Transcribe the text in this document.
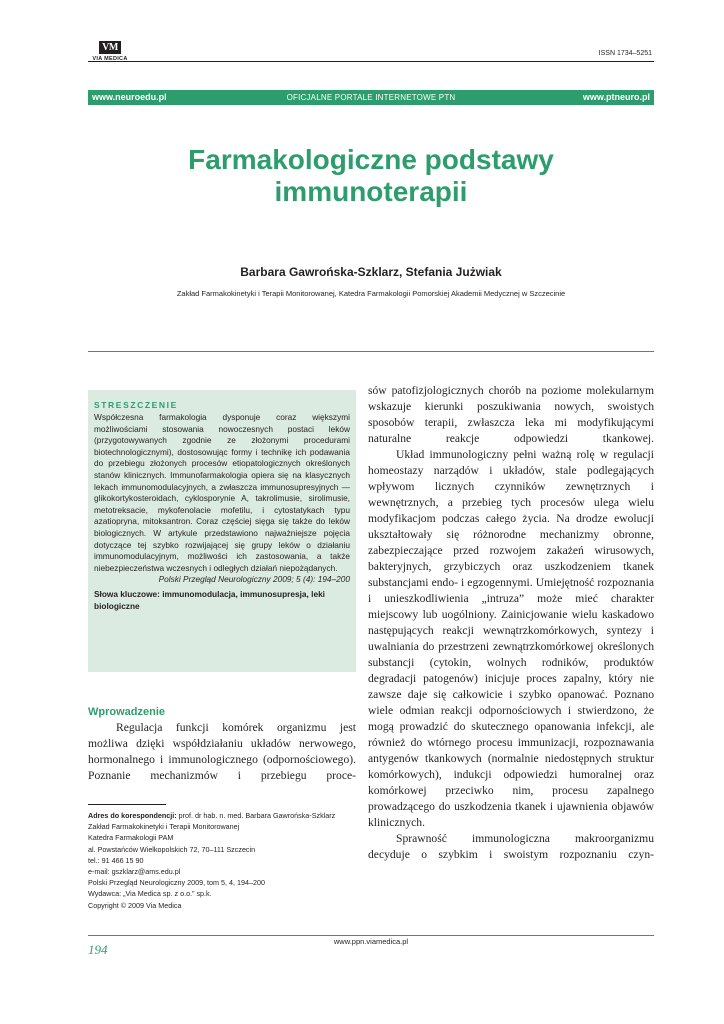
VM
VIA MEDICA
ISSN 1734–5251
www.neuroedu.pl	OFICJALNE PORTALE INTERNETOWE PTN	www.ptneuro.pl
Farmakologiczne podstawy
immunoterapii
Barbara Gawrońska-Szklarz, Stefania Jużwiak
Zakład Farmakokinetyki i Terapii Monitorowanej, Katedra Farmakologii Pomorskiej Akademii Medycznej w Szczecinie
STRESZCZENIE
Współczesna farmakologia dysponuje coraz większymi możliwościami stosowania nowoczesnych postaci leków (przygotowywanych zgodnie ze złożonymi procedurami biotechnologicznymi), dostosowując formy i technikę ich podawania do przebiegu złożonych procesów etiopatologicznych określonych stanów klinicznych. Immunofarmakologia opiera się na klasycznych lekach immunomodulacyjnych, a zwłaszcza immunosupresyjnych — glikokortykosteroidach, cyklosporynie A, takrolimusie, sirolimusie, metotreksacie, mykofenolacie mofetilu, i cytostatykach typu azatiopryna, mitoksantron. Coraz częściej sięga się także do leków biologicznych. W artykule przedstawiono najważniejsze pojęcia dotyczące tej szybko rozwijającej się grupy leków o działaniu immunomodulacyjnym, możliwości ich zastosowania, a także niebezpieczeństwa wczesnych i odległych działań niepożądanych.
Polski Przegląd Neurologiczny 2009; 5 (4): 194–200
Słowa kluczowe: immunomodulacja, immunosupresja, leki biologiczne
Wprowadzenie
Regulacja funkcji komórek organizmu jest możliwa dzięki współdziałaniu układów nerwowego, hormonalnego i immunologicznego (odpornościowego). Poznanie mechanizmów i przebiegu proce-
Adres do korespondencji: prof. dr hab. n. med. Barbara Gawrońska-Szklarz
Zakład Farmakokinetyki i Terapii Monitorowanej
Katedra Farmakologii PAM
al. Powstańców Wielkopolskich 72, 70–111 Szczecin
tel.: 91 466 15 90
e-mail: gszklarz@ams.edu.pl
Polski Przegląd Neurologiczny 2009, tom 5, 4, 194–200
Wydawca: „Via Medica sp. z o.o.” sp.k.
Copyright © 2009 Via Medica

sów patofizjologicznych chorób na poziome molekularnym wskazuje kierunki poszukiwania nowych, swoistych sposobów terapii, zwłaszcza leka mi modyfikującymi naturalne reakcje odpowiedzi tkankowej.

Układ immunologiczny pełni ważną rolę w regulacji homeostazy narządów i układów, stale podlegających wpływom licznych czynników zewnętrznych i wewnętrznych, a przebieg tych procesów ulega wielu modyfikacjom podczas całego życia. Na drodze ewolucji ukształtowały się różnorodne mechanizmy obronne, zabezpieczające przed rozwojem zakażeń wirusowych, bakteryjnych, grzybiczych oraz uszkodzeniem tkanek substancjami endo- i egzogennymi. Umiejętność rozpoznania i unieszkodliwienia „intruza” może mieć charakter miejscowy lub uogólniony. Zainicjowanie wielu kaskadowo następujących reakcji wewnątrzkomórkowych, syntezy i uwalniania do przestrzeni zewnątrzkomórkowej określonych substancji (cytokin, wolnych rodników, produktów degradacji patogenów) inicjuje proces zapalny, który nie zawsze daje się całkowicie i szybko opanować. Poznano wiele odmian reakcji odpornościowych i stwierdzono, że mogą prowadzić do skutecznego opanowania infekcji, ale również do wtórnego procesu immunizacji, rozpoznawania antygenów tkankowych (normalnie niedostępnych struktur komórkowych), indukcji odpowiedzi humoralnej oraz komórkowej przeciwko nim, procesu zapalnego prowadzącego do uszkodzenia tkanek i ujawnienia objawów klinicznych.

Sprawność immunologiczna makroorganizmu decyduje o szybkim i swoistym rozpoznaniu czyn-

www.ppn.viamedica.pl
194
